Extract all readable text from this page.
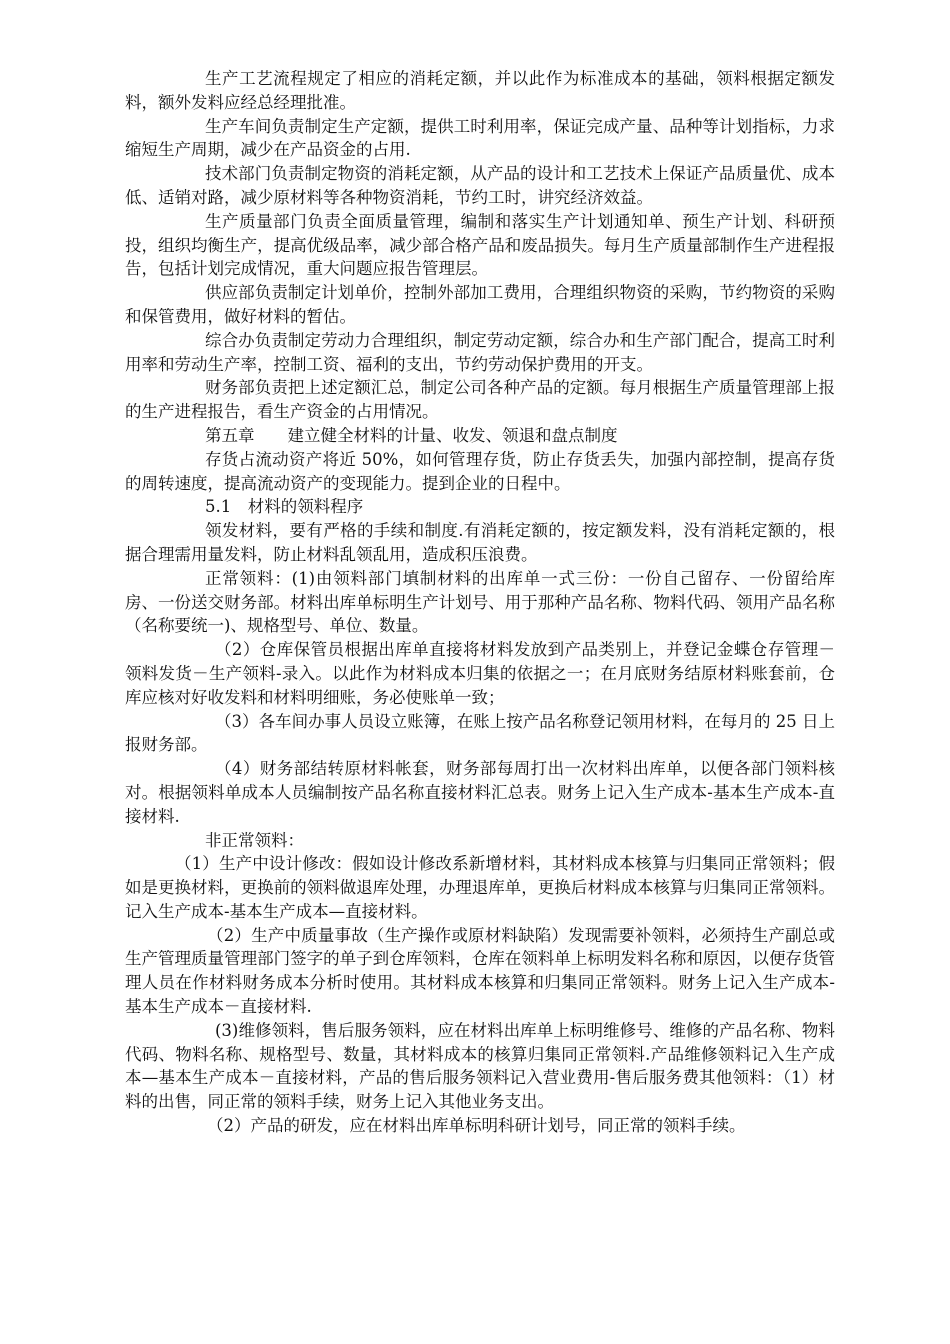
生产工艺流程规定了相应的消耗定额，并以此作为标准成本的基础，领料根据定额发料，额外发料应经总经理批准。

生产车间负责制定生产定额，提供工时利用率，保证完成产量、品种等计划指标，力求缩短生产周期，减少在产品资金的占用.

技术部门负责制定物资的消耗定额，从产品的设计和工艺技术上保证产品质量优、成本低、适销对路，减少原材料等各种物资消耗，节约工时，讲究经济效益。

生产质量部门负责全面质量管理，编制和落实生产计划通知单、预生产计划、科研预投，组织均衡生产，提高优级品率，减少部合格产品和废品损失。每月生产质量部制作生产进程报告，包括计划完成情况，重大问题应报告管理层。

供应部负责制定计划单价，控制外部加工费用，合理组织物资的采购，节约物资的采购和保管费用，做好材料的暂估。

综合办负责制定劳动力合理组织，制定劳动定额，综合办和生产部门配合，提高工时利用率和劳动生产率，控制工资、福利的支出，节约劳动保护费用的开支。

财务部负责把上述定额汇总，制定公司各种产品的定额。每月根据生产质量管理部上报的生产进程报告，看生产资金的占用情况。

第五章　　建立健全材料的计量、收发、领退和盘点制度

存货占流动资产将近 50%，如何管理存货，防止存货丢失，加强内部控制，提高存货的周转速度，提高流动资产的变现能力。提到企业的日程中。

5.1　材料的领料程序

领发材料，要有严格的手续和制度.有消耗定额的，按定额发料，没有消耗定额的，根据合理需用量发料，防止材料乱领乱用，造成积压浪费。

正常领料：(1)由领料部门填制材料的出库单一式三份：一份自己留存、一份留给库房、一份送交财务部。材料出库单标明生产计划号、用于那种产品名称、物料代码、领用产品名称（名称要统一)、规格型号、单位、数量。

（2）仓库保管员根据出库单直接将材料发放到产品类别上，并登记金蝶仓存管理－领料发货－生产领料-录入。以此作为材料成本归集的依据之一；在月底财务结原材料账套前，仓库应核对好收发料和材料明细账，务必使账单一致；

（3）各车间办事人员设立账簿，在账上按产品名称登记领用材料，在每月的 25 日上报财务部。

（4）财务部结转原材料帐套，财务部每周打出一次材料出库单，以便各部门领料核对。根据领料单成本人员编制按产品名称直接材料汇总表。财务上记入生产成本-基本生产成本-直接材料.

非正常领料：

（1）生产中设计修改：假如设计修改系新增材料，其材料成本核算与归集同正常领料；假如是更换材料，更换前的领料做退库处理，办理退库单，更换后材料成本核算与归集同正常领料。记入生产成本-基本生产成本—直接材料。

（2）生产中质量事故（生产操作或原材料缺陷）发现需要补领料，必须持生产副总或生产管理质量管理部门签字的单子到仓库领料，仓库在领料单上标明发料名称和原因，以便存货管理人员在作材料财务成本分析时使用。其材料成本核算和归集同正常领料。财务上记入生产成本-基本生产成本－直接材料.

(3)维修领料，售后服务领料，应在材料出库单上标明维修号、维修的产品名称、物料代码、物料名称、规格型号、数量，其材料成本的核算归集同正常领料.产品维修领料记入生产成本—基本生产成本－直接材料，产品的售后服务领料记入营业费用-售后服务费其他领料：（1）材料的出售，同正常的领料手续，财务上记入其他业务支出。

（2）产品的研发，应在材料出库单标明科研计划号，同正常的领料手续。
